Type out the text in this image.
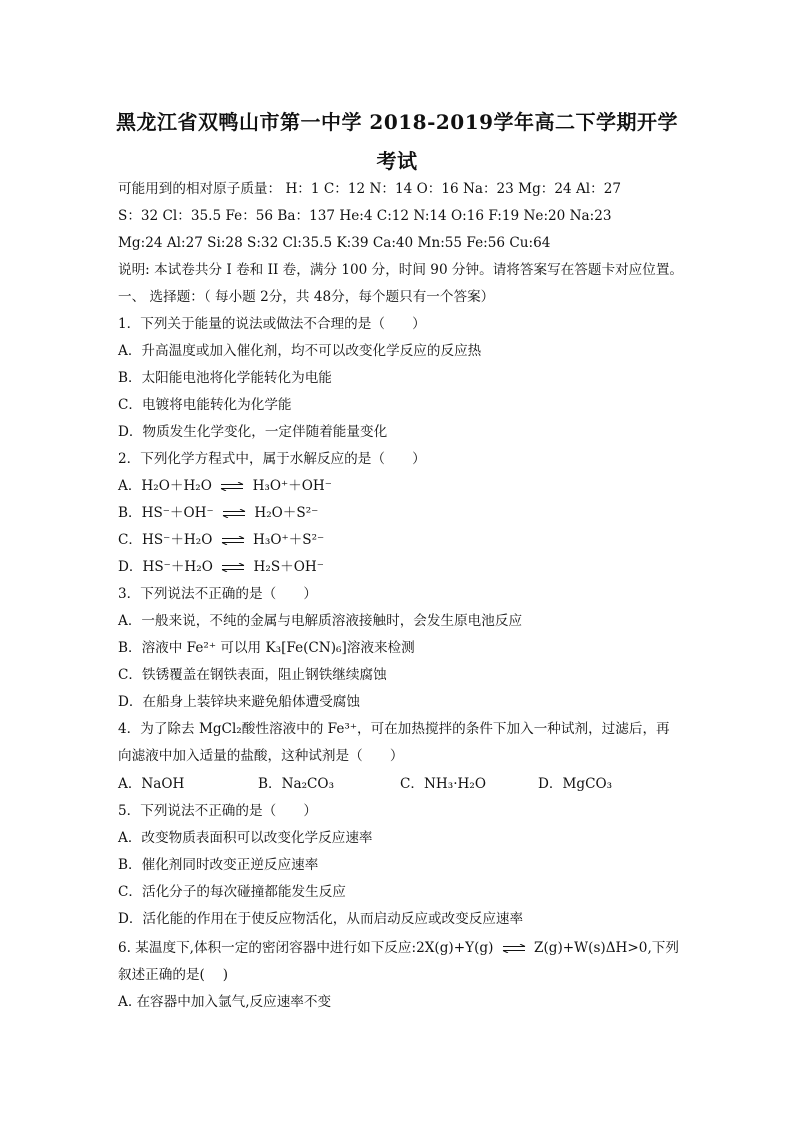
黑龙江省双鸭山市第一中学 2018-2019学年高二下学期开学
考试
可能用到的相对原子质量： H：1 C：12 N：14 O：16 Na：23 Mg：24 Al：27
S：32 Cl：35.5 Fe：56 Ba：137 He:4 C:12 N:14 O:16 F:19 Ne:20 Na:23
Mg:24 Al:27 Si:28 S:32 Cl:35.5 K:39 Ca:40 Mn:55 Fe:56 Cu:64
说明: 本试卷共分 I 卷和 II 卷，满分 100 分，时间 90 分钟。请将答案写在答题卡对应位置。
一、 选择题：（ 每小题 2分，共 48分，每个题只有一个答案）
1．下列关于能量的说法或做法不合理的是（　　）
A．升高温度或加入催化剂，均不可以改变化学反应的反应热
B．太阳能电池将化学能转化为电能
C．电镀将电能转化为化学能
D．物质发生化学变化，一定伴随着能量变化
2．下列化学方程式中，属于水解反应的是（　　）
A．H₂O＋H₂O ⇌ H₃O⁺＋OH⁻
B．HS⁻＋OH⁻ ⇌ H₂O＋S²⁻
C．HS⁻＋H₂O ⇌ H₃O⁺＋S²⁻
D．HS⁻＋H₂O ⇌ H₂S＋OH⁻
3．下列说法不正确的是（　　）
A．一般来说，不纯的金属与电解质溶液接触时，会发生原电池反应
B．溶液中 Fe²⁺ 可以用 K₃[Fe(CN)₆]溶液来检测
C．铁锈覆盖在钢铁表面，阻止钢铁继续腐蚀
D．在船身上装锌块来避免船体遭受腐蚀
4．为了除去 MgCl₂酸性溶液中的 Fe³⁺，可在加热搅拌的条件下加入一种试剂，过滤后，再
向滤液中加入适量的盐酸，这种试剂是（　　）
A．NaOH	B．Na₂CO₃	C．NH₃·H₂O	D．MgCO₃
5．下列说法不正确的是（　　）
A．改变物质表面积可以改变化学反应速率
B．催化剂同时改变正逆反应速率
C．活化分子的每次碰撞都能发生反应
D．活化能的作用在于使反应物活化，从而启动反应或改变反应速率
6. 某温度下,体积一定的密闭容器中进行如下反应:2X(g)+Y(g) ⇌ Z(g)+W(s)ΔH>0,下列
叙述正确的是(　 )
A. 在容器中加入氩气,反应速率不变
